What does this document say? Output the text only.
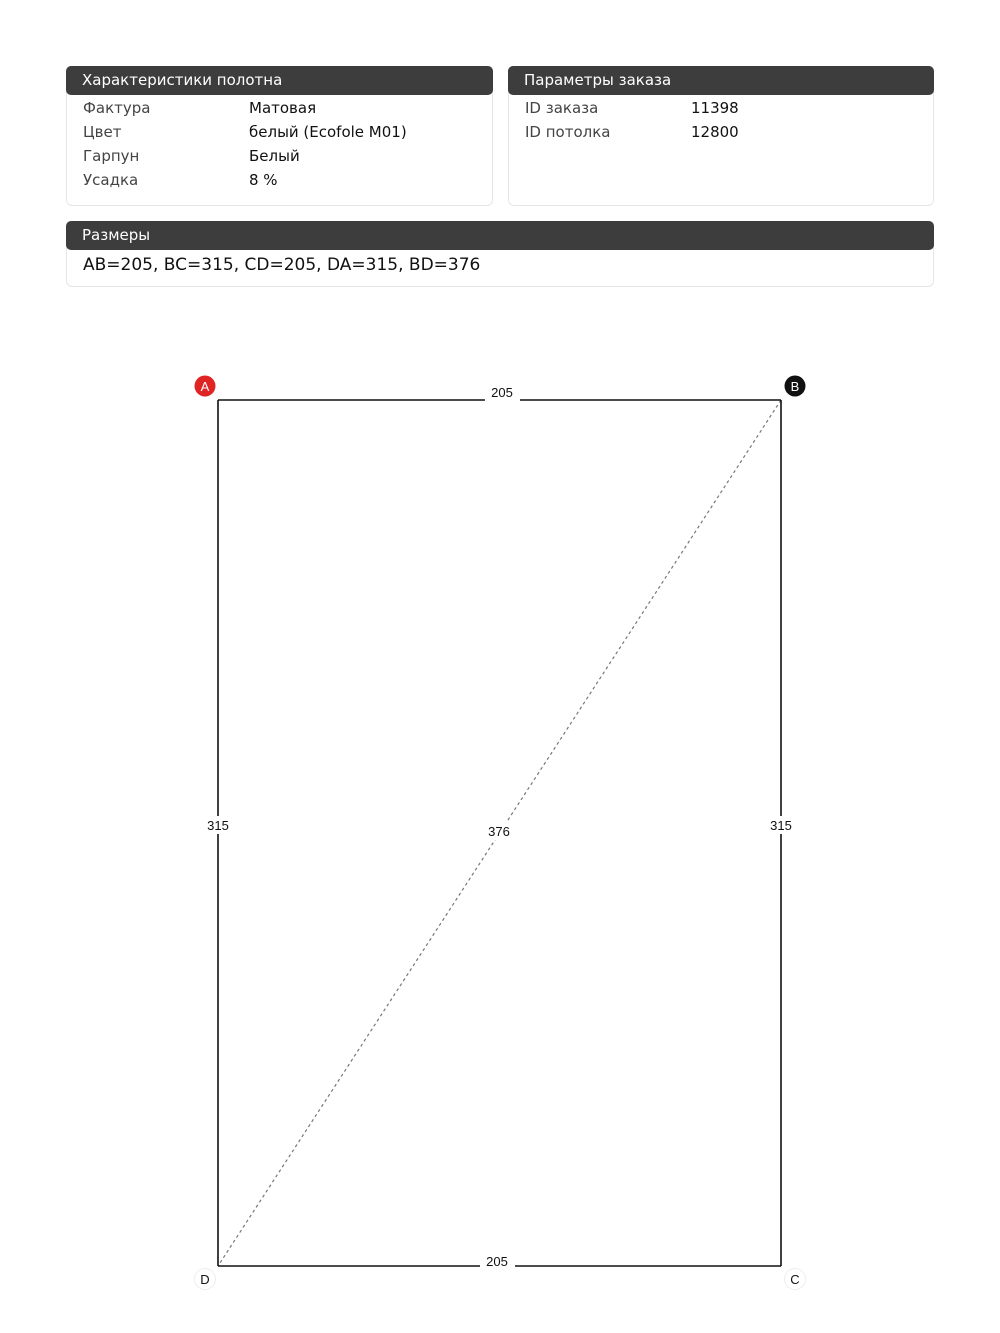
Характеристики полотна
Фактура	Матовая
Цвет	белый (Ecofole M01)
Гарпун	Белый
Усадка	8 %
Параметры заказа
ID заказа	11398
ID потолка	12800
Размеры
AB=205, BC=315, CD=205, DA=315, BD=376
205
205
315	315
376
A	B
C
D
